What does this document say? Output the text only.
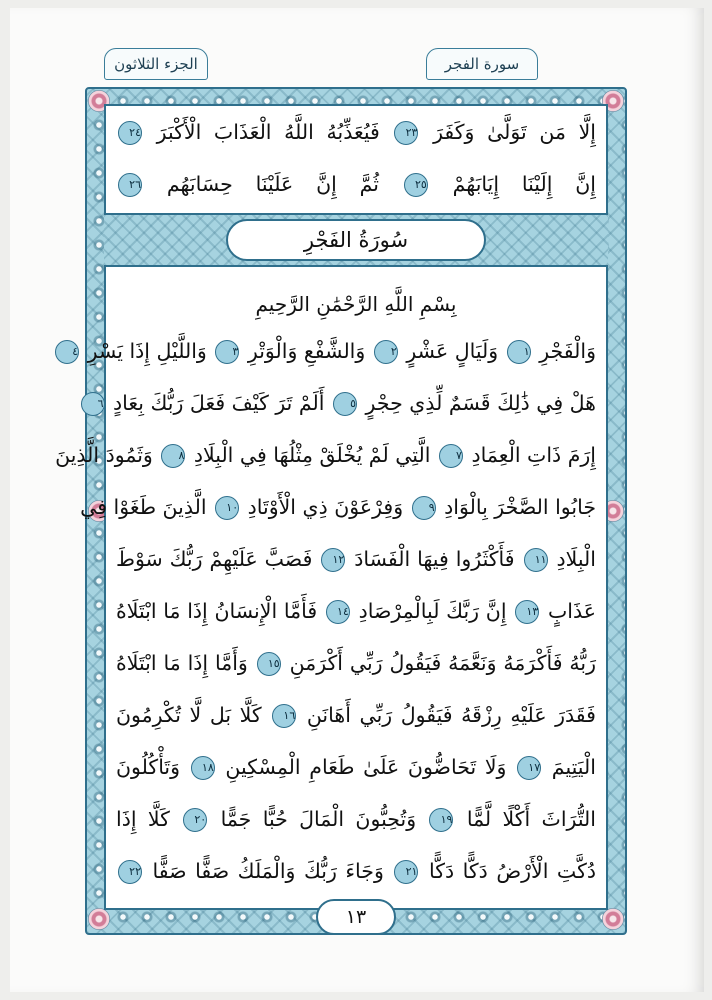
الجزء الثلاثون	سورة الفجر
إِلَّا مَن تَوَلَّىٰ وَكَفَرَ ٢٣ فَيُعَذِّبُهُ اللَّهُ الْعَذَابَ الْأَكْبَرَ ٢٤
إِنَّ إِلَيْنَا إِيَابَهُمْ ٢٥ ثُمَّ إِنَّ عَلَيْنَا حِسَابَهُم ٢٦
سُورَةُ الفَجْرِ
بِسْمِ اللَّهِ الرَّحْمَٰنِ الرَّحِيمِ
وَالْفَجْرِ ١ وَلَيَالٍ عَشْرٍ ٢ وَالشَّفْعِ وَالْوَتْرِ ٣ وَاللَّيْلِ إِذَا يَسْرِ ٤
هَلْ فِي ذَٰلِكَ قَسَمٌ لِّذِي حِجْرٍ ٥ أَلَمْ تَرَ كَيْفَ فَعَلَ رَبُّكَ بِعَادٍ ٦
إِرَمَ ذَاتِ الْعِمَادِ ٧ الَّتِي لَمْ يُخْلَقْ مِثْلُهَا فِي الْبِلَادِ ٨ وَثَمُودَ الَّذِينَ
جَابُوا الصَّخْرَ بِالْوَادِ ٩ وَفِرْعَوْنَ ذِي الْأَوْتَادِ ١٠ الَّذِينَ طَغَوْا فِي
الْبِلَادِ ١١ فَأَكْثَرُوا فِيهَا الْفَسَادَ ١٢ فَصَبَّ عَلَيْهِمْ رَبُّكَ سَوْطَ
عَذَابٍ ١٣ إِنَّ رَبَّكَ لَبِالْمِرْصَادِ ١٤ فَأَمَّا الْإِنسَانُ إِذَا مَا ابْتَلَاهُ
رَبُّهُ فَأَكْرَمَهُ وَنَعَّمَهُ فَيَقُولُ رَبِّي أَكْرَمَنِ ١٥ وَأَمَّا إِذَا مَا ابْتَلَاهُ
فَقَدَرَ عَلَيْهِ رِزْقَهُ فَيَقُولُ رَبِّي أَهَانَنِ ١٦ كَلَّا بَل لَّا تُكْرِمُونَ
الْيَتِيمَ ١٧ وَلَا تَحَاضُّونَ عَلَىٰ طَعَامِ الْمِسْكِينِ ١٨ وَتَأْكُلُونَ
التُّرَاثَ أَكْلًا لَّمًّا ١٩ وَتُحِبُّونَ الْمَالَ حُبًّا جَمًّا ٢٠ كَلَّا إِذَا
دُكَّتِ الْأَرْضُ دَكًّا دَكًّا ٢١ وَجَاءَ رَبُّكَ وَالْمَلَكُ صَفًّا صَفًّا ٢٢
١٣
